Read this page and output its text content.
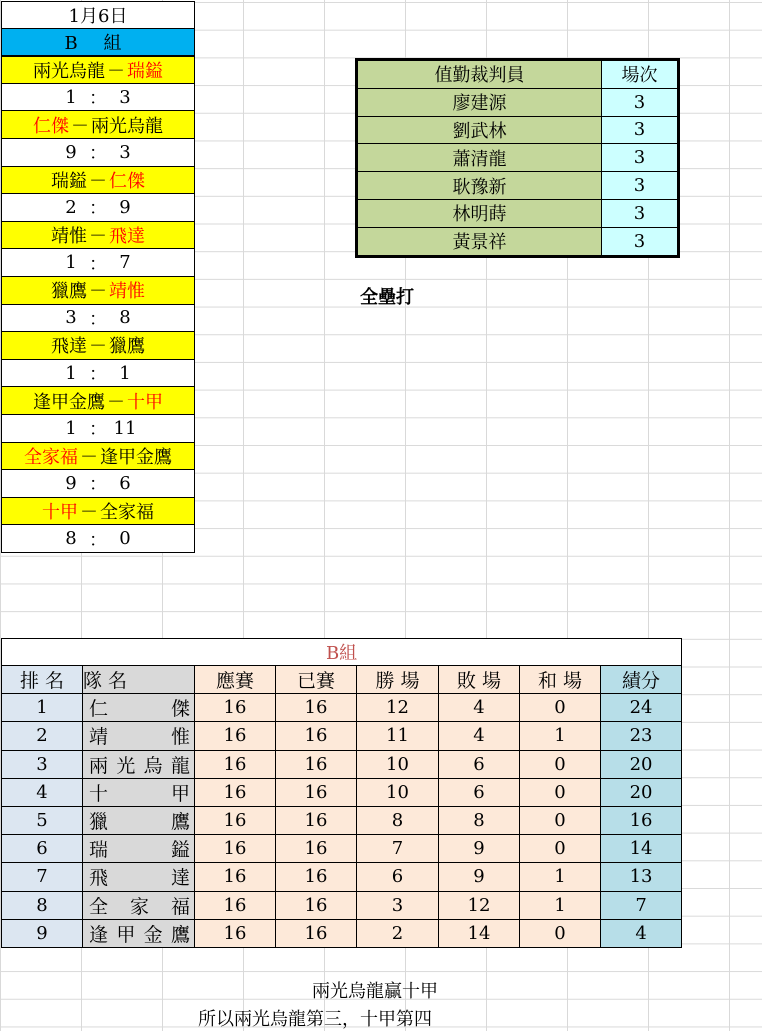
1月6日
B 組
兩光烏龍 － 瑞鎰
1 ： 3
仁傑 － 兩光烏龍
9 ： 3
瑞鎰 － 仁傑
2 ： 9
靖惟 － 飛達
1 ： 7
獵鷹 － 靖惟
3 ： 8
飛達 － 獵鷹
1 ： 1
逢甲金鷹 － 十甲
1 ： 11
全家福 － 逢甲金鷹
9 ： 6
十甲 － 全家福
8 ： 0
值勤裁判員	場次
廖建源	3
劉武林	3
蕭清龍	3
耿豫新	3
林明蒔	3
黃景祥	3
全壘打
B組							
排 名	隊 名	應賽	已賽	勝 場	敗 場	和 場	績分
1	仁 傑	16	16	12	4	0	24
2	靖 惟	16	16	11	4	1	23
3	兩 光 烏 龍	16	16	10	6	0	20
4	十 甲	16	16	10	6	0	20
5	獵 鷹	16	16	8	8	0	16
6	瑞 鎰	16	16	7	9	0	14
7	飛 達	16	16	6	9	1	13
8	全 家 福	16	16	3	12	1	7
9	逢 甲 金 鷹	16	16	2	14	0	4
兩光烏龍贏十甲
所以兩光烏龍第三，十甲第四
